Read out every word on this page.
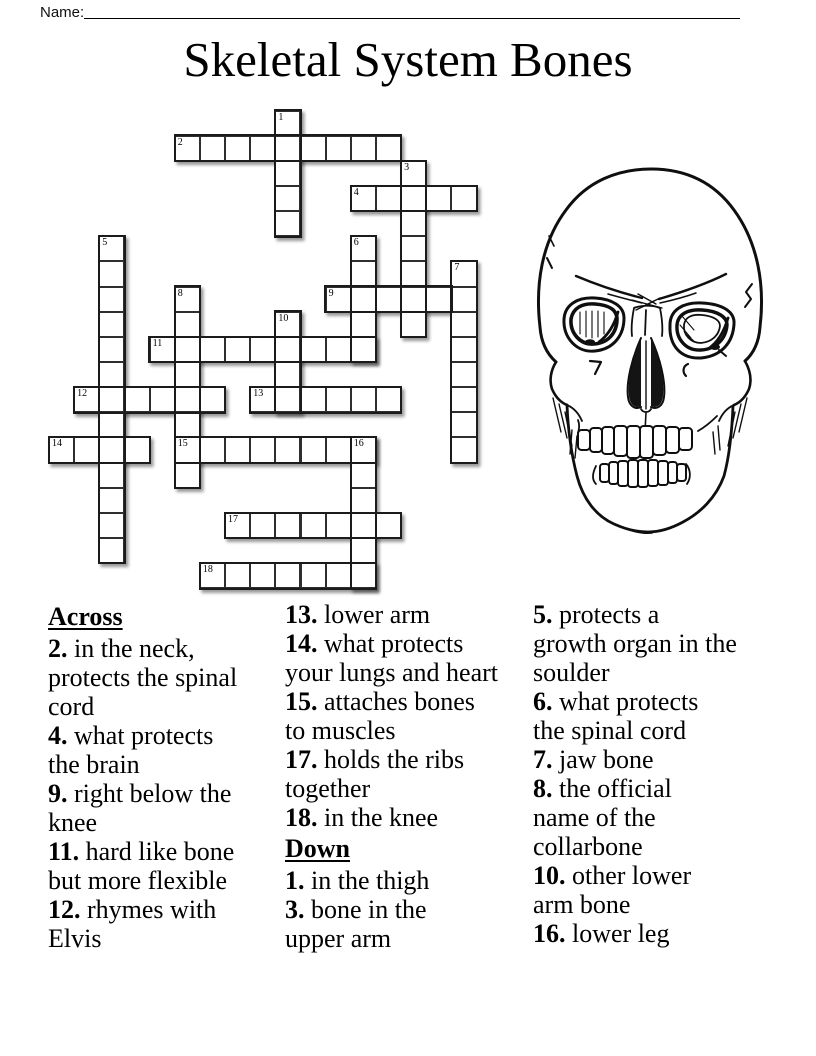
Name:
Skeletal System Bones
1
2
3
4
5	6
7
8
15
9
10
11
12	13
14	16
17
18
Across
2. in the neck,
protects the spinal
cord
4. what protects
the brain
9. right below the
knee
11. hard like bone
but more flexible
12. rhymes with
Elvis
13. lower arm
14. what protects
your lungs and heart
15. attaches bones
to muscles
17. holds the ribs
together
18. in the knee
Down
1. in the thigh
3. bone in the
upper arm
5. protects a
growth organ in the
soulder
6. what protects
the spinal cord
7. jaw bone
8. the official
name of the
collarbone
10. other lower
arm bone
16. lower leg
